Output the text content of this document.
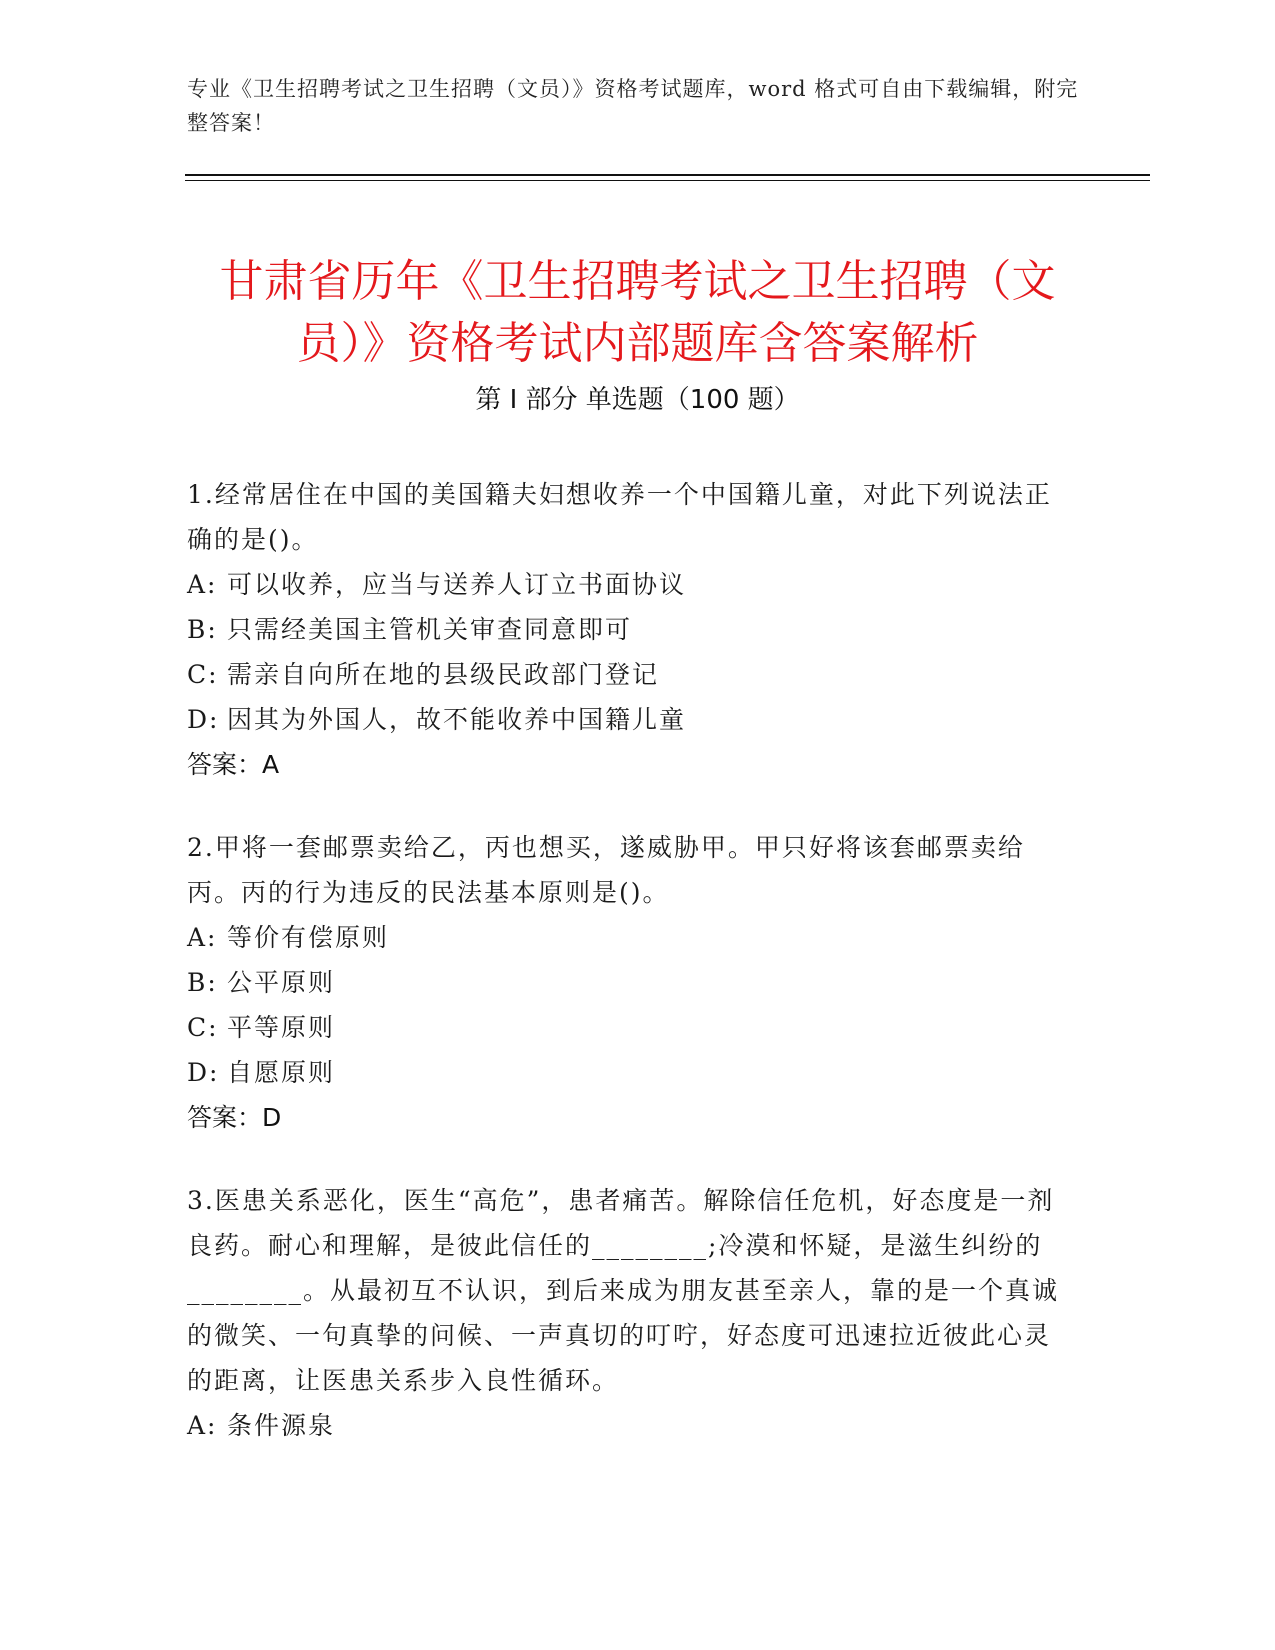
专业《卫生招聘考试之卫生招聘（文员）》资格考试题库，word 格式可自由下载编辑，附完整答案！
甘肃省历年《卫生招聘考试之卫生招聘（文员）》资格考试内部题库含答案解析
第 I 部分 单选题（100 题）
1.经常居住在中国的美国籍夫妇想收养一个中国籍儿童，对此下列说法正确的是()。
A: 可以收养，应当与送养人订立书面协议
B: 只需经美国主管机关审查同意即可
C: 需亲自向所在地的县级民政部门登记
D: 因其为外国人，故不能收养中国籍儿童
答案：A
2.甲将一套邮票卖给乙，丙也想买，遂威胁甲。甲只好将该套邮票卖给丙。丙的行为违反的民法基本原则是()。
A: 等价有偿原则
B: 公平原则
C: 平等原则
D: 自愿原则
答案：D
3.医患关系恶化，医生“高危”，患者痛苦。解除信任危机，好态度是一剂良药。耐心和理解，是彼此信任的________;冷漠和怀疑，是滋生纠纷的________。从最初互不认识，到后来成为朋友甚至亲人，靠的是一个真诚的微笑、一句真挚的问候、一声真切的叮咛，好态度可迅速拉近彼此心灵的距离，让医患关系步入良性循环。
A: 条件源泉
